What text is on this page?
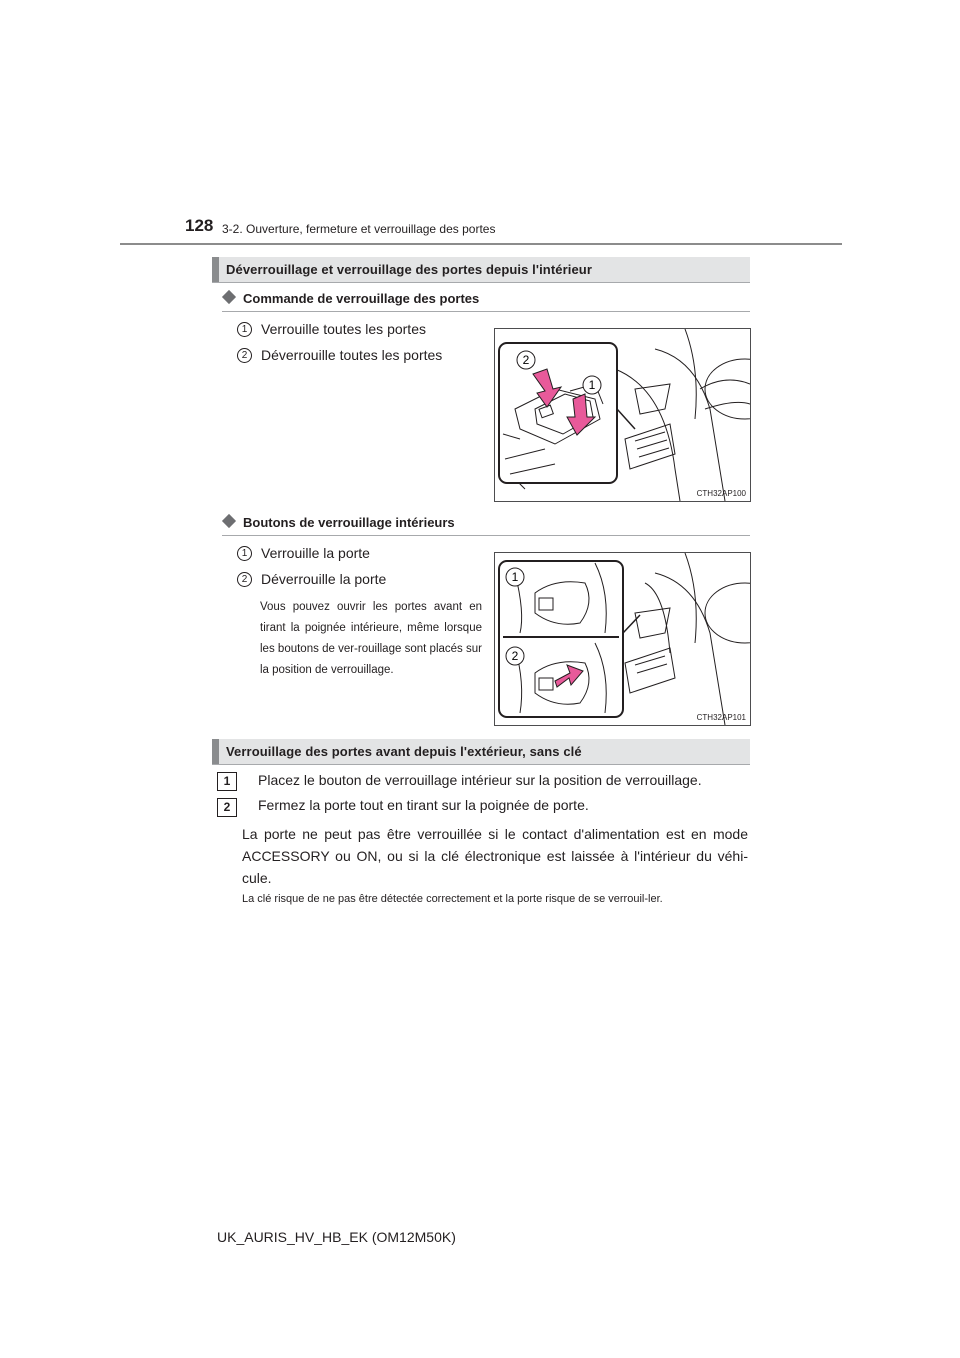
128 3-2. Ouverture, fermeture et verrouillage des portes
Déverrouillage et verrouillage des portes depuis l'intérieur
Commande de verrouillage des portes
1 Verrouille toutes les portes
2 Déverrouille toutes les portes	2
1
CTH32AP100
Boutons de verrouillage intérieurs
1 Verrouille la porte
2 Déverrouille la porte
Vous pouvez ouvrir les portes avant en tirant la poignée intérieure, même lorsque les boutons de ver-rouillage sont placés sur la position de verrouillage.
1
2
CTH32AP101
Verrouillage des portes avant depuis l'extérieur, sans clé
1	Placez le bouton de verrouillage intérieur sur la position de verrouillage.
2	Fermez la porte tout en tirant sur la poignée de porte.
La porte ne peut pas être verrouillée si le contact d'alimentation est en mode ACCESSORY ou ON, ou si la clé électronique est laissée à l'intérieur du véhi-cule.
La clé risque de ne pas être détectée correctement et la porte risque de se verrouil-ler.
UK_AURIS_HV_HB_EK (OM12M50K)
